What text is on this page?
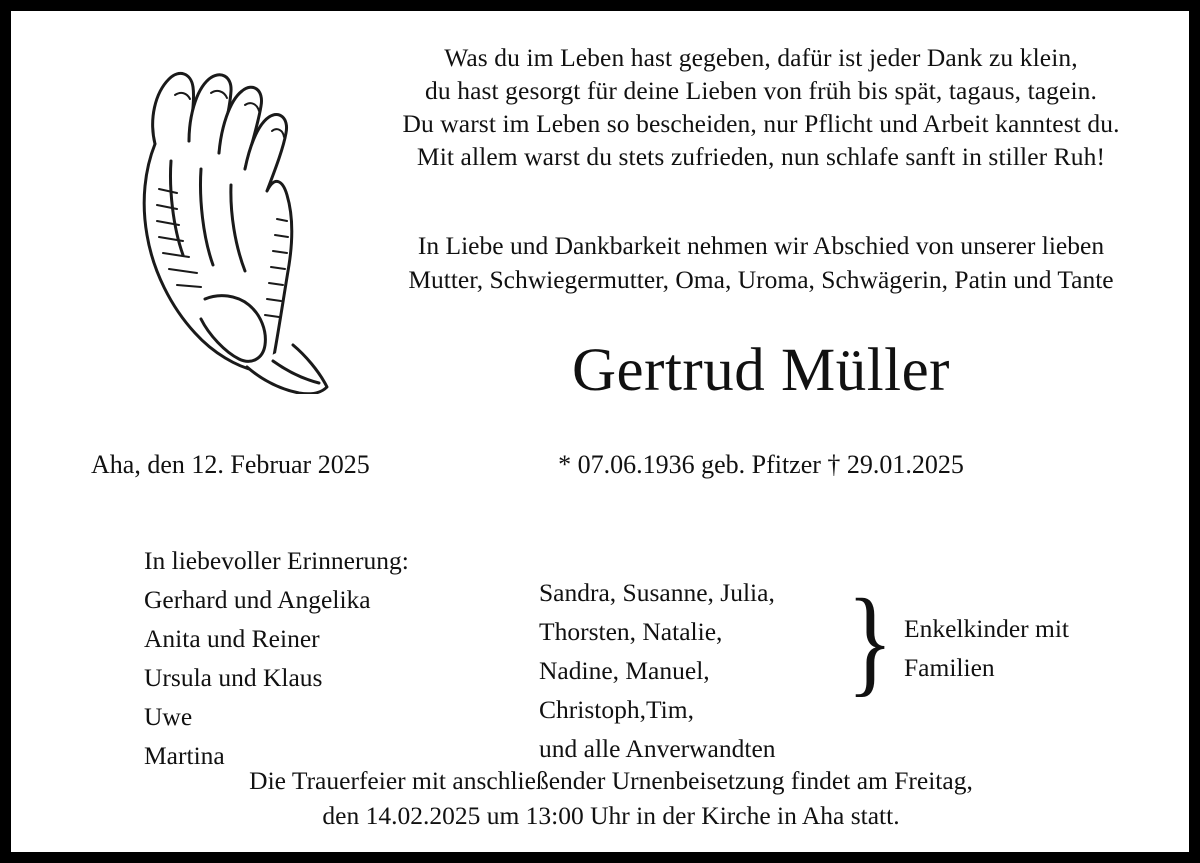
Was du im Leben hast gegeben, dafür ist jeder Dank zu klein,
du hast gesorgt für deine Lieben von früh bis spät, tagaus, tagein.
Du warst im Leben so bescheiden, nur Pflicht und Arbeit kanntest du.
Mit allem warst du stets zufrieden, nun schlafe sanft in stiller Ruh!
In Liebe und Dankbarkeit nehmen wir Abschied von unserer lieben
Mutter, Schwiegermutter, Oma, Uroma, Schwägerin, Patin und Tante
Gertrud Müller
Aha, den 12. Februar 2025	* 07.06.1936 geb. Pfitzer † 29.01.2025
In liebevoller Erinnerung:
Gerhard und Angelika
Anita und Reiner
Ursula und Klaus
Uwe
Martina
Sandra, Susanne, Julia,
Thorsten, Natalie,
Nadine, Manuel,
Christoph,Tim,
und alle Anverwandten
} Enkelkinder mit
Familien
Die Trauerfeier mit anschließender Urnenbeisetzung findet am Freitag,
den 14.02.2025 um 13:00 Uhr in der Kirche in Aha statt.
